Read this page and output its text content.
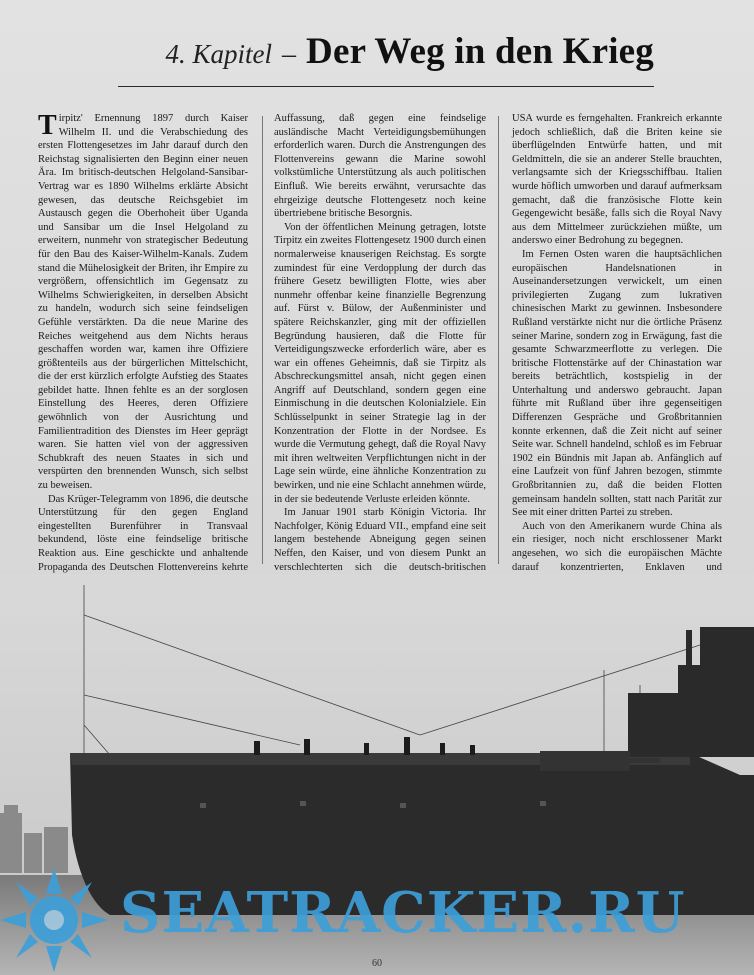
4. Kapitel – Der Weg in den Krieg

Tirpitz' Ernennung 1897 durch Kaiser Wilhelm II. und die Verabschiedung des ersten Flottengesetzes im Jahr darauf durch den Reichstag signalisierten den Beginn einer neuen Ära. Im britisch-deutschen Helgoland-Sansibar-Vertrag war es 1890 Wilhelms erklärte Absicht gewesen, das deutsche Reichsgebiet im Austausch gegen die Oberhoheit über Uganda und Sansibar um die Insel Helgoland zu erweitern, nunmehr von strategischer Bedeutung für den Bau des Kaiser-Wilhelm-Kanals. Zudem stand die Mühelosigkeit der Briten, ihr Empire zu vergrößern, offensichtlich im Gegensatz zu Wilhelms Schwierigkeiten, in derselben Absicht zu handeln, wodurch sich seine feindseligen Gefühle verstärkten. Da die neue Marine des Reiches weitgehend aus dem Nichts heraus geschaffen worden war, kamen ihre Offiziere größtenteils aus der bürgerlichen Mittelschicht, die der erst kürzlich erfolgte Aufstieg des Staates gebildet hatte. Ihnen fehlte es an der sorglosen Einstellung des Heeres, deren Offiziere gewöhnlich von der Ausrichtung und Familientradition des Dienstes im Heer geprägt waren. Sie hatten viel von der aggressiven Schubkraft des neuen Staates in sich und verspürten den brennenden Wunsch, sich selbst zu beweisen.

Das Krüger-Telegramm von 1896, die deutsche Unterstützung für den gegen England eingestellten Burenführer in Transvaal bekundend, löste eine feindselige britische Reaktion aus. Eine geschickte und anhaltende Propaganda des Deutschen Flottenvereins kehrte

Auffassung, daß gegen eine feindselige ausländische Macht Verteidigungsbemühungen erforderlich waren. Durch die Anstrengungen des Flottenvereins gewann die Marine sowohl volkstümliche Unterstützung als auch politischen Einfluß. Wie bereits erwähnt, verursachte das ehrgeizige deutsche Flottengesetz noch keine übertriebene britische Besorgnis.

Von der öffentlichen Meinung getragen, lotste Tirpitz ein zweites Flottengesetz 1900 durch einen normalerweise knauserigen Reichstag. Es sorgte zumindest für eine Verdopplung der durch das frühere Gesetz bewilligten Flotte, wies aber nunmehr offenbar keine finanzielle Begrenzung auf. Fürst v. Bülow, der Außenminister und spätere Reichskanzler, ging mit der offiziellen Begründung hausieren, daß die Flotte für Verteidigungszwecke erforderlich wäre, aber es war ein offenes Geheimnis, daß sie Tirpitz als Abschreckungsmittel ansah, nicht gegen einen Angriff auf Deutschland, sondern gegen eine Einmischung in die deutschen Kolonialziele. Ein Schlüsselpunkt in seiner Strategie lag in der Konzentration der Flotte in der Nordsee. Es wurde die Vermutung gehegt, daß die Royal Navy mit ihren weltweiten Verpflichtungen nicht in der Lage sein würde, eine ähnliche Konzentration zu bewirken, und nie eine Schlacht annehmen würde, in der sie bedeutende Verluste erleiden könnte.

Im Januar 1901 starb Königin Victoria. Ihr Nachfolger, König Eduard VII., empfand eine seit langem bestehende Abneigung gegen seinen Neffen, den Kaiser, und von diesem Punkt an verschlechterten sich die deutsch-britischen

USA wurde es ferngehalten. Frankreich erkannte jedoch schließlich, daß die Briten keine sie überflügelnden Entwürfe hatten, und mit Geldmitteln, die sie an anderer Stelle brauchten, verlangsamte sich der Kriegsschiffbau. Italien wurde höflich umworben und darauf aufmerksam gemacht, daß die französische Flotte kein Gegengewicht besäße, falls sich die Royal Navy aus dem Mittelmeer zurückziehen müßte, um anderswo einer Bedrohung zu begegnen.

Im Fernen Osten waren die hauptsächlichen europäischen Handelsnationen in Auseinandersetzungen verwickelt, um einen privilegierten Zugang zum lukrativen chinesischen Markt zu gewinnen. Insbesondere Rußland verstärkte nicht nur die örtliche Präsenz seiner Marine, sondern zog in Erwägung, fast die gesamte Schwarzmeerflotte zu verlegen. Die britische Flottenstärke auf der Chinastation war bereits beträchtlich, kostspielig in der Unterhaltung und anderswo gebraucht. Japan führte mit Rußland über ihre gegenseitigen Differenzen Gespräche und Großbritannien konnte erkennen, daß die Zeit nicht auf seiner Seite war. Schnell handelnd, schloß es im Februar 1902 ein Bündnis mit Japan ab. Anfänglich auf eine Laufzeit von fünf Jahren bezogen, stimmte Großbritannien zu, daß die beiden Flotten gemeinsam handeln sollten, statt nach Parität zur See mit einer dritten Partei zu streben.

Auch von den Amerikanern wurde China als ein riesiger, noch nicht erschlossener Markt angesehen, wo sich die europäischen Mächte darauf konzentrierten, Enklaven und

SEATRACKER.RU
60
